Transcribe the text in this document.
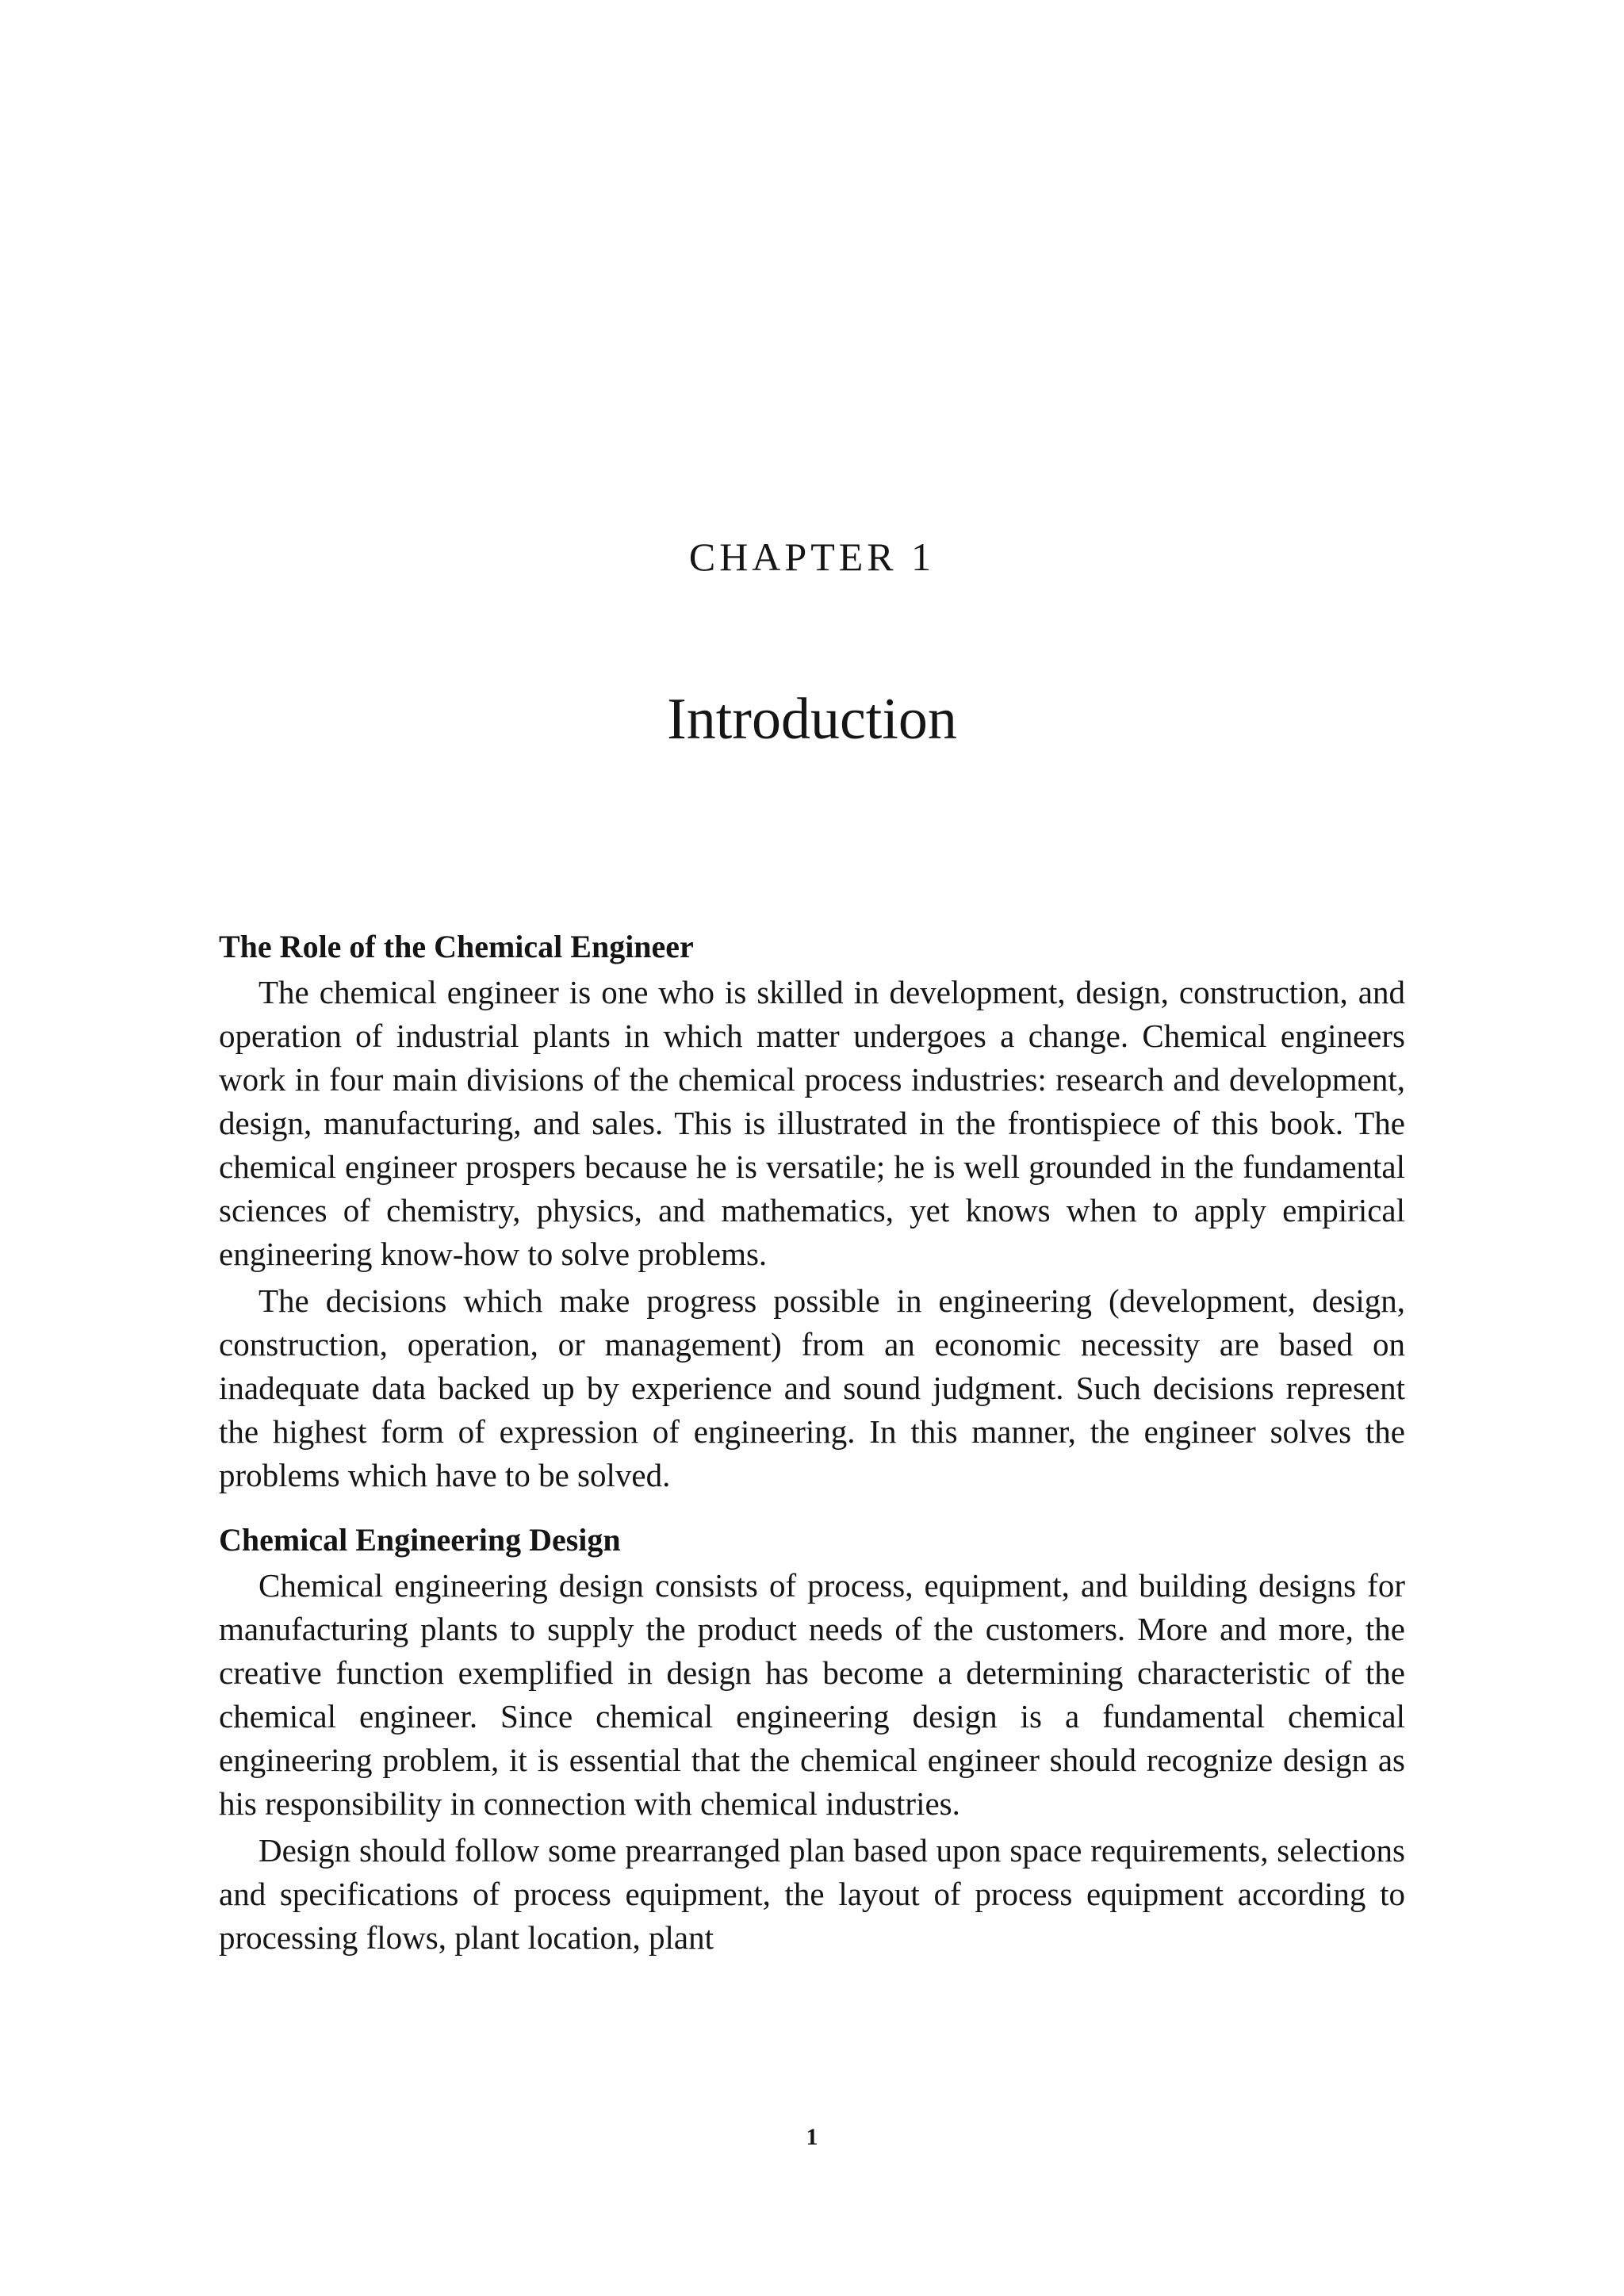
CHAPTER 1
Introduction
The Role of the Chemical Engineer

The chemical engineer is one who is skilled in development, design, construction, and operation of industrial plants in which matter undergoes a change. Chemical engineers work in four main divisions of the chemical process industries: research and development, design, manufacturing, and sales. This is illustrated in the frontispiece of this book. The chemical engineer prospers because he is versatile; he is well grounded in the fundamental sciences of chemistry, physics, and mathematics, yet knows when to apply empirical engineering know-how to solve problems.

The decisions which make progress possible in engineering (development, design, construction, operation, or management) from an economic necessity are based on inadequate data backed up by experience and sound judgment. Such decisions represent the highest form of expression of engineering. In this manner, the engineer solves the problems which have to be solved.

Chemical Engineering Design

Chemical engineering design consists of process, equipment, and building designs for manufacturing plants to supply the product needs of the customers. More and more, the creative function exemplified in design has become a determining characteristic of the chemical engineer. Since chemical engineering design is a fundamental chemical engineering problem, it is essential that the chemical engineer should recognize design as his responsibility in connection with chemical industries.

Design should follow some prearranged plan based upon space requirements, selections and specifications of process equipment, the layout of process equipment according to processing flows, plant location, plant

1
